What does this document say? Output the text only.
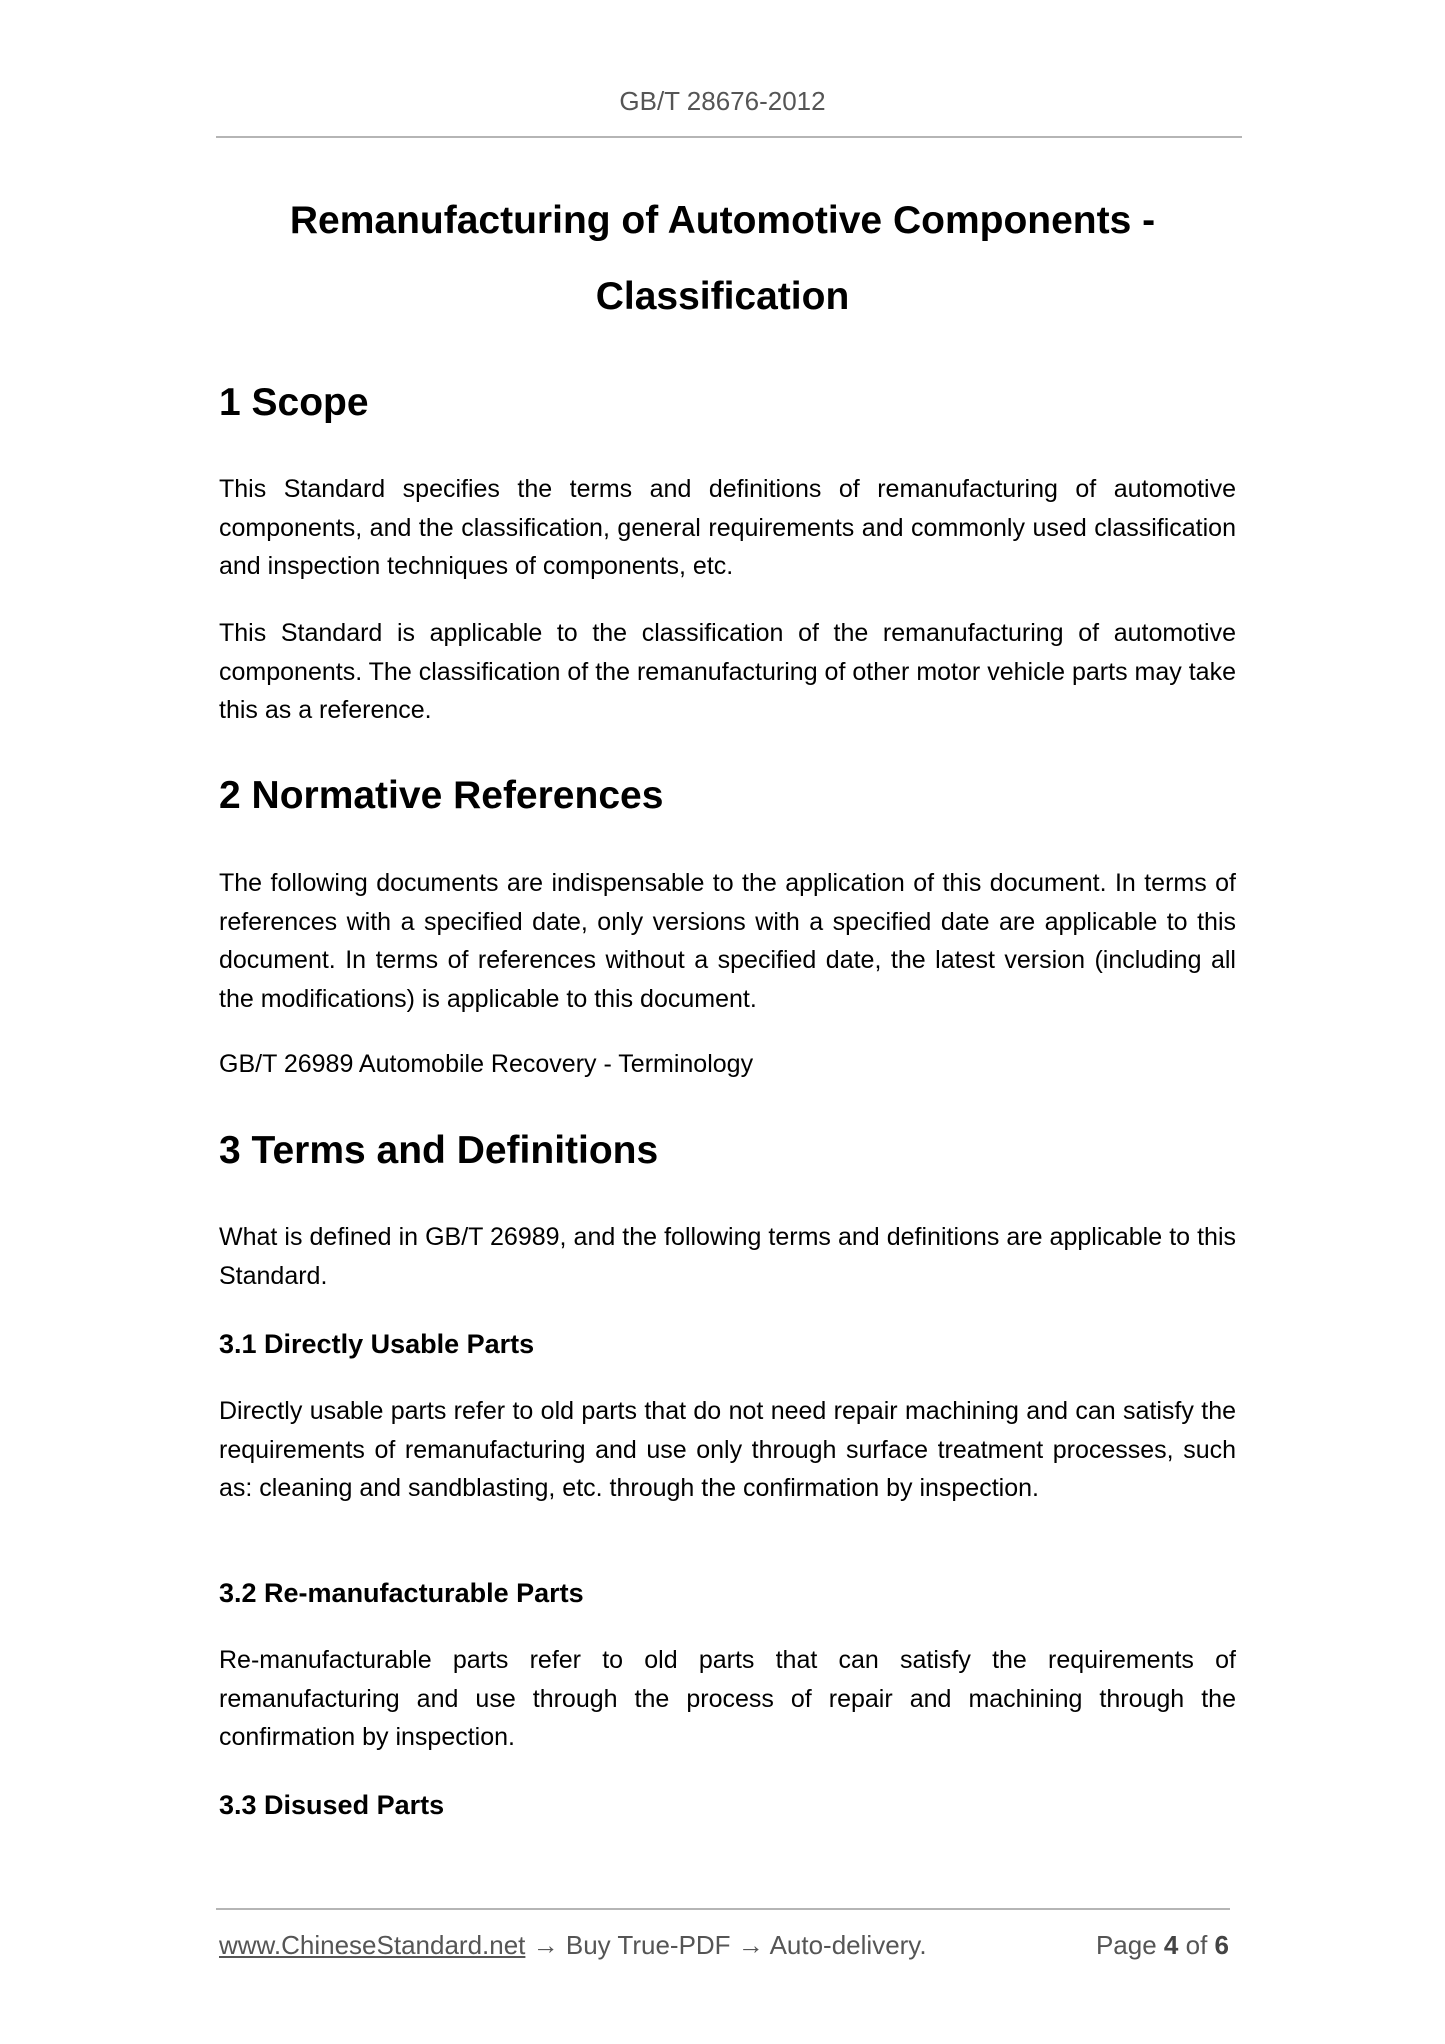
GB/T 28676-2012
Remanufacturing of Automotive Components -
Classification
1 Scope
This Standard specifies the terms and definitions of remanufacturing of automotive components, and the classification, general requirements and commonly used classification and inspection techniques of components, etc.
This Standard is applicable to the classification of the remanufacturing of automotive components. The classification of the remanufacturing of other motor vehicle parts may take this as a reference.
2 Normative References
The following documents are indispensable to the application of this document. In terms of references with a specified date, only versions with a specified date are applicable to this document. In terms of references without a specified date, the latest version (including all the modifications) is applicable to this document.
GB/T 26989 Automobile Recovery - Terminology
3 Terms and Definitions
What is defined in GB/T 26989, and the following terms and definitions are applicable to this Standard.
3.1 Directly Usable Parts
Directly usable parts refer to old parts that do not need repair machining and can satisfy the requirements of remanufacturing and use only through surface treatment processes, such as: cleaning and sandblasting, etc. through the confirmation by inspection.
3.2 Re-manufacturable Parts
Re-manufacturable parts refer to old parts that can satisfy the requirements of remanufacturing and use through the process of repair and machining through the confirmation by inspection.
3.3 Disused Parts
www.ChineseStandard.net → Buy True-PDF → Auto-delivery.	Page 4 of 6
